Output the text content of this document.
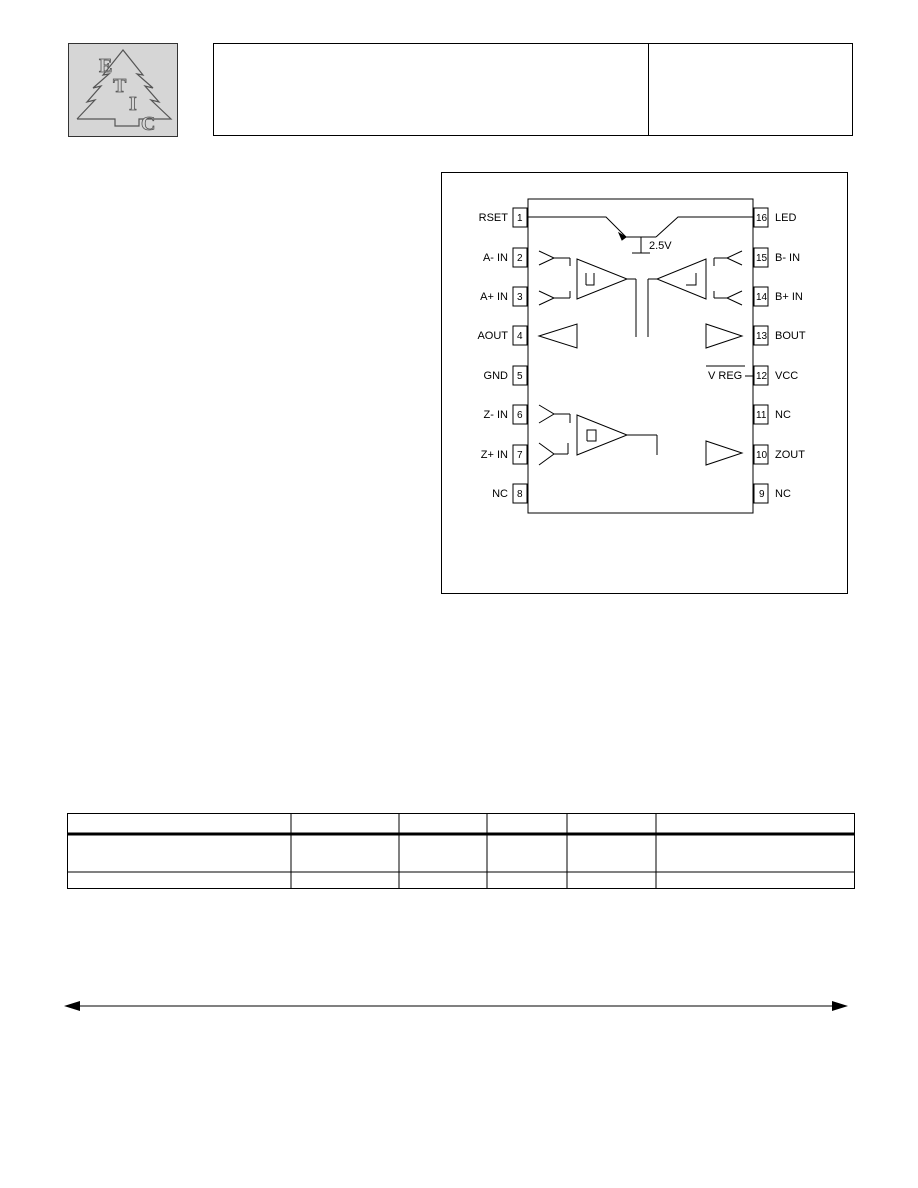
E
T
I
C
1
2
3
4
5
6
7
8
RSET
A- IN
A+ IN
AOUT
GND
Z- IN
Z+ IN
NC
16
15
14
13
12
11
10
9
LED
B- IN
B+ IN
BOUT
VCC
NC
ZOUT
NC
2.5V
V REG
